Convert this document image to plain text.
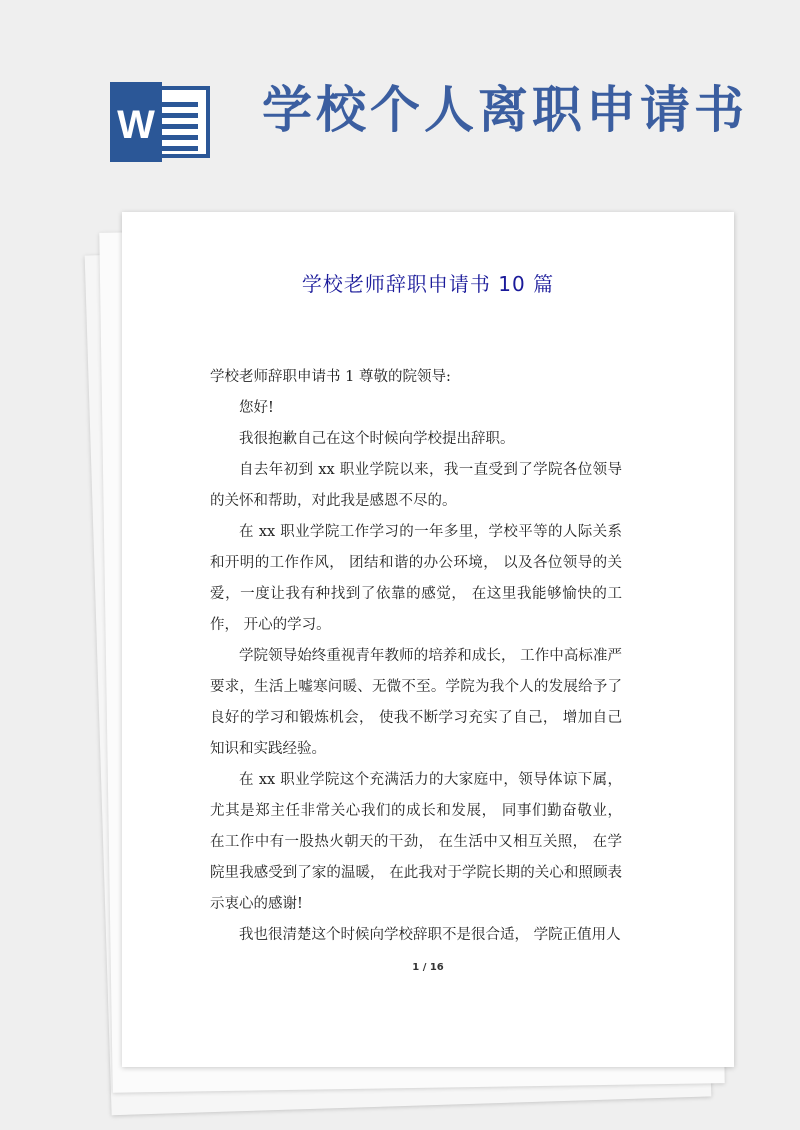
W 学校个人离职申请书
学校老师辞职申请书 10 篇

学校老师辞职申请书 1 尊敬的院领导:

您好!

我很抱歉自己在这个时候向学校提出辞职。

自去年初到 xx 职业学院以来，我一直受到了学院各位领导的关怀和帮助，对此我是感恩不尽的。

在 xx 职业学院工作学习的一年多里，学校平等的人际关系和开明的工作作风， 团结和谐的办公环境， 以及各位领导的关爱，一度让我有种找到了依靠的感觉， 在这里我能够愉快的工作， 开心的学习。

学院领导始终重视青年教师的培养和成长， 工作中高标准严要求，生活上嘘寒问暖、无微不至。学院为我个人的发展给予了良好的学习和锻炼机会， 使我不断学习充实了自己， 增加自己知识和实践经验。

在 xx 职业学院这个充满活力的大家庭中，领导体谅下属，尤其是郑主任非常关心我们的成长和发展， 同事们勤奋敬业， 在工作中有一股热火朝天的干劲， 在生活中又相互关照， 在学院里我感受到了家的温暖， 在此我对于学院长期的关心和照顾表示衷心的感谢!

我也很清楚这个时候向学校辞职不是很合适， 学院正值用人

1 / 16
